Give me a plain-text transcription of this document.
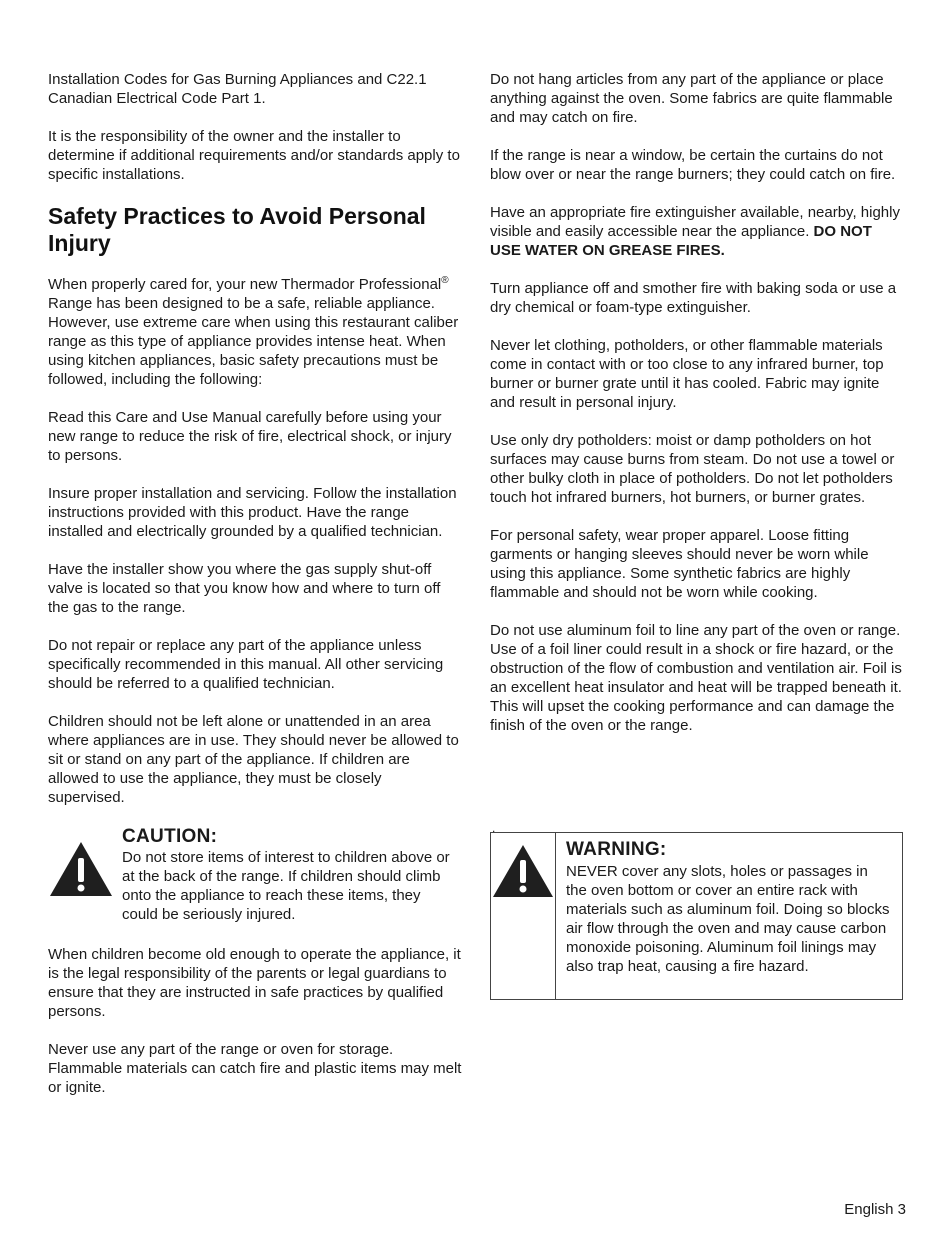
Installation Codes for Gas Burning Appliances and C22.1 Canadian Electrical Code Part 1.

It is the responsibility of the owner and the installer to determine if additional requirements and/or standards apply to specific installations.

Safety Practices to Avoid Personal Injury

When properly cared for, your new Thermador Professional® Range has been designed to be a safe, reliable appliance. However, use extreme care when using this restaurant caliber range as this type of appliance provides intense heat. When using kitchen appliances, basic safety precautions must be followed, including the following:

Read this Care and Use Manual carefully before using your new range to reduce the risk of fire, electrical shock, or injury to persons.

Insure proper installation and servicing. Follow the installation instructions provided with this product. Have the range installed and electrically grounded by a qualified technician.

Have the installer show you where the gas supply shut-off valve is located so that you know how and where to turn off the gas to the range.

Do not repair or replace any part of the appliance unless specifically recommended in this manual. All other servicing should be referred to a qualified technician.

Children should not be left alone or unattended in an area where appliances are in use. They should never be allowed to sit or stand on any part of the appliance. If children are allowed to use the appliance, they must be closely supervised.

CAUTION:
Do not store items of interest to children above or at the back of the range. If children should climb onto the appliance to reach these items, they could be seriously injured.

When children become old enough to operate the appliance, it is the legal responsibility of the parents or legal guardians to ensure that they are instructed in safe practices by qualified persons.

Never use any part of the range or oven for storage. Flammable materials can catch fire and plastic items may melt or ignite.

Do not hang articles from any part of the appliance or place anything against the oven. Some fabrics are quite flammable and may catch on fire.

If the range is near a window, be certain the curtains do not blow over or near the range burners; they could catch on fire.

Have an appropriate fire extinguisher available, nearby, highly visible and easily accessible near the appliance. DO NOT USE WATER ON GREASE FIRES.

Turn appliance off and smother fire with baking soda or use a dry chemical or foam-type extinguisher.

Never let clothing, potholders, or other flammable materials come in contact with or too close to any infrared burner, top burner or burner grate until it has cooled. Fabric may ignite and result in personal injury.

Use only dry potholders: moist or damp potholders on hot surfaces may cause burns from steam. Do not use a towel or other bulky cloth in place of potholders. Do not let potholders touch hot infrared burners, hot burners, or burner grates.

For personal safety, wear proper apparel. Loose fitting garments or hanging sleeves should never be worn while using this appliance. Some synthetic fabrics are highly flammable and should not be worn while cooking.

Do not use aluminum foil to line any part of the oven or range. Use of a foil liner could result in a shock or fire hazard, or the obstruction of the flow of combustion and ventilation air. Foil is an excellent heat insulator and heat will be trapped beneath it. This will upset the cooking performance and can damage the finish of the oven or the range.

.
WARNING:
NEVER cover any slots, holes or passages in the oven bottom or cover an entire rack with materials such as aluminum foil. Doing so blocks air flow through the oven and may cause carbon monoxide poisoning. Aluminum foil linings may also trap heat, causing a fire hazard.
English 3
